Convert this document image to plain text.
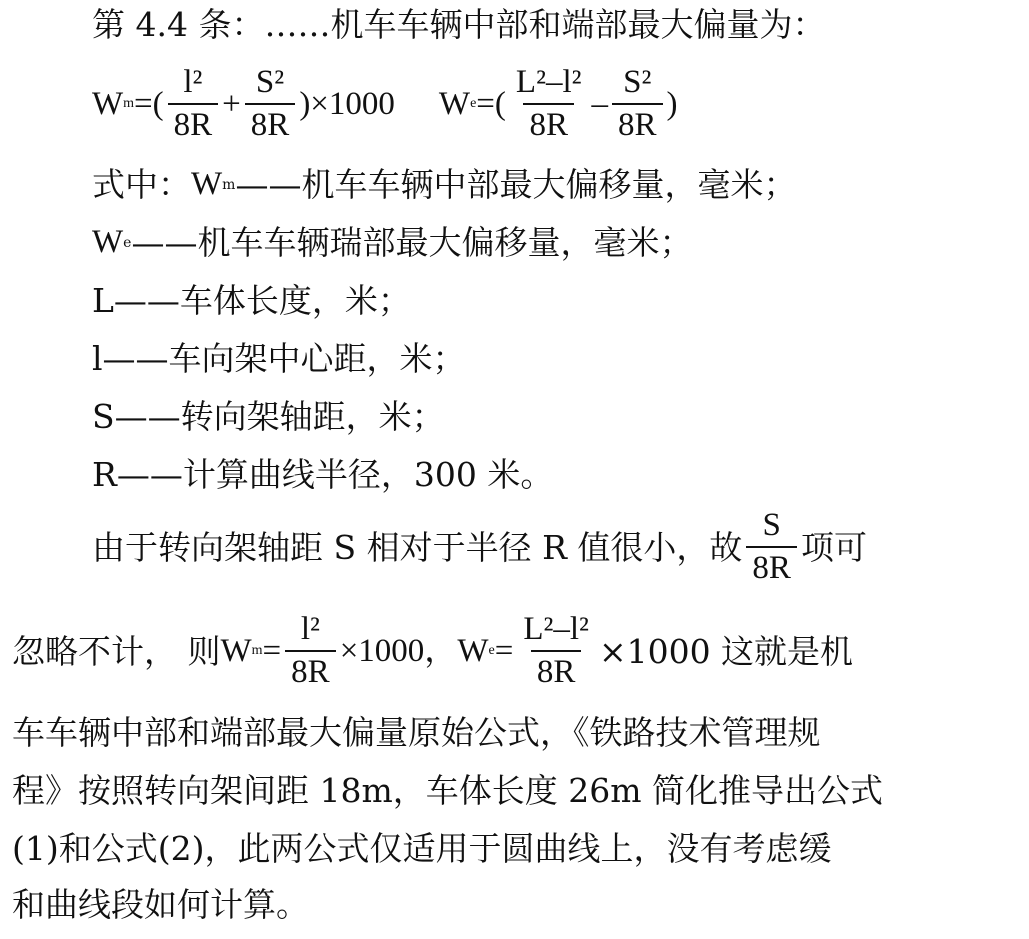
第 4.4 条：……机车车辆中部和端部最大偏量为：
W m =( $\frac{\text{l²}}{8R} + \frac{\text{S²}}{8R} )\times 1000$ W e =( $\frac{\text{L²–l²}}{8R} - \frac{\text{S²}}{8R}$ )
式中： W m ——机车车辆中部最大偏移量，毫米；
W e ——机车车辆瑞部最大偏移量，毫米；
L——车体长度，米；
l——车向架中心距，米；
S——转向架轴距，米；
R——计算曲线半径，300 米。
由于转向架轴距 S 相对于半径 R 值很小，故 $\frac{S}{8R}$ 项可
忽略不计， 则 W $m = \frac{\text{l²}}{8R} \times 1000$， W $e = \frac{\text{L²–l²}}{8R} \times 1000$ 这就是机
车车辆中部和端部最大偏量原始公式，《铁路技术管理规
程》按照转向架间距 18m，车体长度 26m 简化推导出公式
(1)和公式(2)，此两公式仅适用于圆曲线上，没有考虑缓
和曲线段如何计算。
